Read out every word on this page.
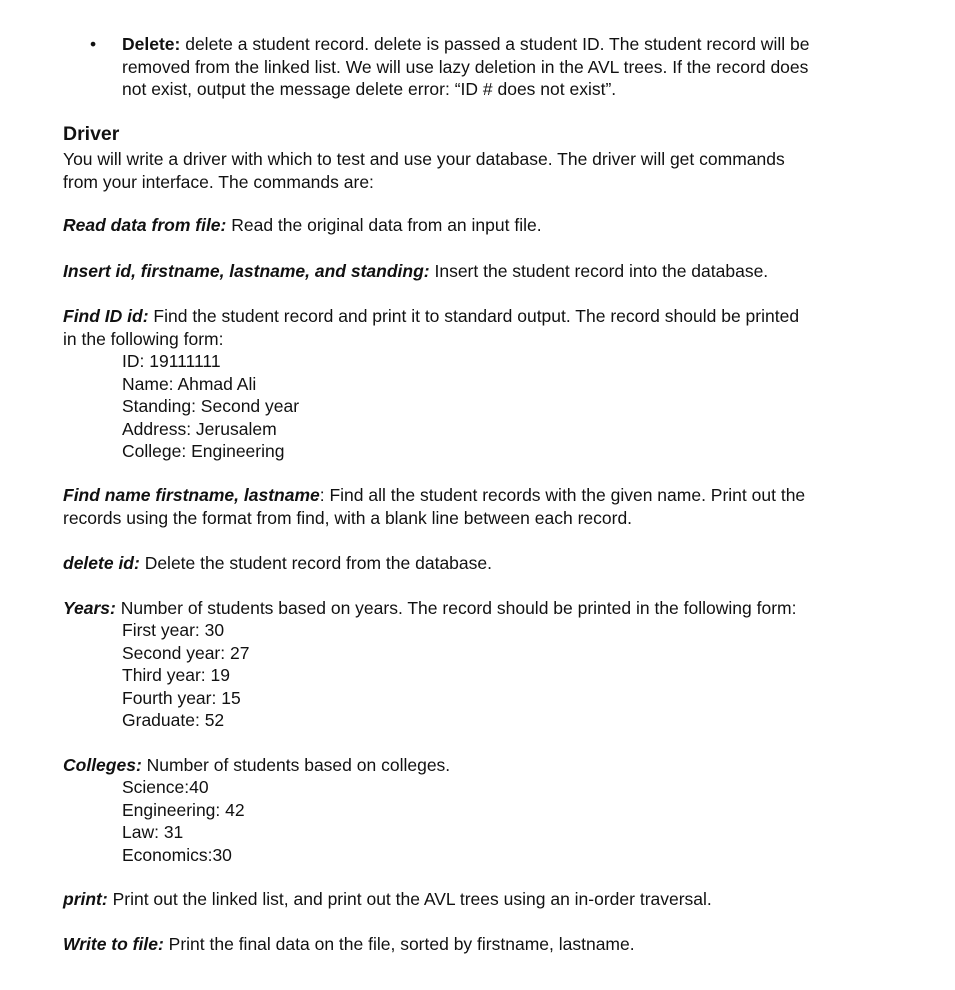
•	Delete: delete a student record. delete is passed a student ID. The student record will be
removed from the linked list. We will use lazy deletion in the AVL trees. If the record does
not exist, output the message delete error: “ID # does not exist”.
Driver
You will write a driver with which to test and use your database. The driver will get commands
from your interface. The commands are:
Read data from file: Read the original data from an input file.
Insert id, firstname, lastname, and standing: Insert the student record into the database.
Find ID id: Find the student record and print it to standard output. The record should be printed
in the following form:
ID: 19111111
Name: Ahmad Ali
Standing: Second year
Address: Jerusalem
College: Engineering
Find name firstname, lastname: Find all the student records with the given name. Print out the
records using the format from find, with a blank line between each record.
delete id: Delete the student record from the database.
Years: Number of students based on years. The record should be printed in the following form:
First year: 30
Second year: 27
Third year: 19
Fourth year: 15
Graduate: 52
Colleges: Number of students based on colleges.
Science:40
Engineering: 42
Law: 31
Economics:30
print: Print out the linked list, and print out the AVL trees using an in-order traversal.
Write to file: Print the final data on the file, sorted by firstname, lastname.
